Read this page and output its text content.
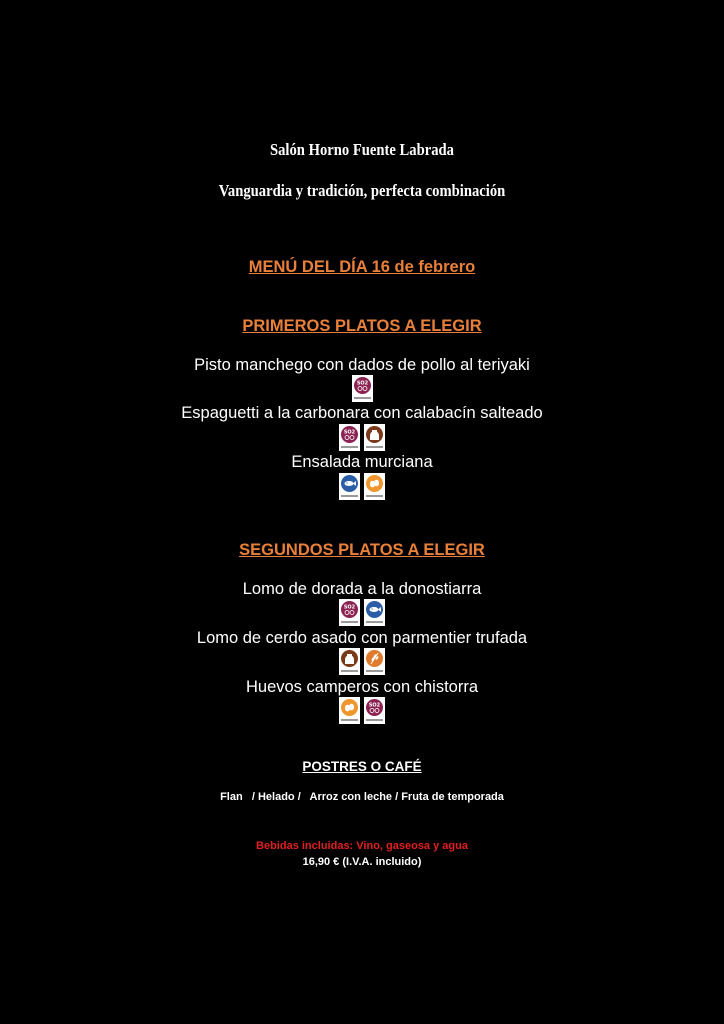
Salón Horno Fuente Labrada
Vanguardia y tradición, perfecta combinación
MENÚ DEL DÍA 16 de febrero
PRIMEROS PLATOS A ELEGIR
Pisto manchego con dados de pollo al teriyaki
SO2
Espaguetti a la carbonara con calabacín salteado
SO2
Ensalada murciana
SEGUNDOS PLATOS A ELEGIR
Lomo de dorada a la donostiarra
SO2
Lomo de cerdo asado con parmentier trufada
Huevos camperos con chistorra
SO2
POSTRES O CAFÉ
Flan   / Helado /   Arroz con leche / Fruta de temporada
Bebidas incluidas: Vino, gaseosa y agua
16,90 € (I.V.A. incluido)
